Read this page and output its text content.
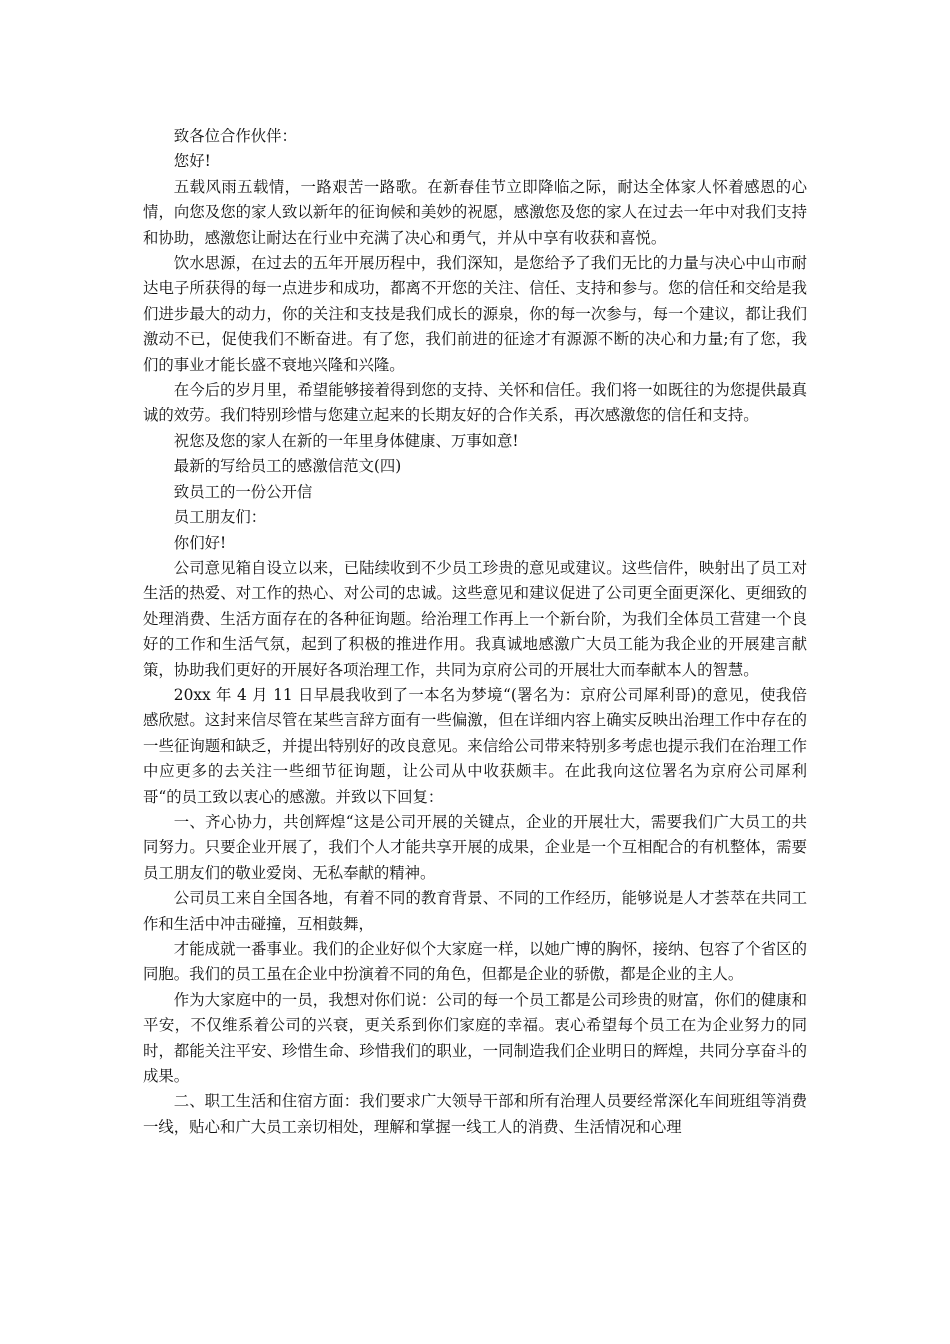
致各位合作伙伴：

您好!

五载风雨五载情，一路艰苦一路歌。在新春佳节立即降临之际，耐达全体家人怀着感恩的心情，向您及您的家人致以新年的征询候和美妙的祝愿，感激您及您的家人在过去一年中对我们支持和协助，感激您让耐达在行业中充满了决心和勇气，并从中享有收获和喜悦。

饮水思源，在过去的五年开展历程中，我们深知，是您给予了我们无比的力量与决心中山市耐达电子所获得的每一点进步和成功，都离不开您的关注、信任、支持和参与。您的信任和交给是我们进步最大的动力，你的关注和支技是我们成长的源泉，你的每一次参与，每一个建议，都让我们激动不已，促使我们不断奋进。有了您，我们前进的征途才有源源不断的决心和力量;有了您，我们的事业才能长盛不衰地兴隆和兴隆。

在今后的岁月里，希望能够接着得到您的支持、关怀和信任。我们将一如既往的为您提供最真诚的效劳。我们特别珍惜与您建立起来的长期友好的合作关系，再次感激您的信任和支持。

祝您及您的家人在新的一年里身体健康、万事如意!

最新的写给员工的感激信范文(四)

致员工的一份公开信

员工朋友们：

你们好!

公司意见箱自设立以来，已陆续收到不少员工珍贵的意见或建议。这些信件，映射出了员工对生活的热爱、对工作的热心、对公司的忠诚。这些意见和建议促进了公司更全面更深化、更细致的处理消费、生活方面存在的各种征询题。给治理工作再上一个新台阶，为我们全体员工营建一个良好的工作和生活气氛，起到了积极的推进作用。我真诚地感激广大员工能为我企业的开展建言献策，协助我们更好的开展好各项治理工作，共同为京府公司的开展壮大而奉献本人的智慧。

20xx 年 4 月 11 日早晨我收到了一本名为梦境“(署名为：京府公司犀利哥)的意见，使我倍感欣慰。这封来信尽管在某些言辞方面有一些偏激，但在详细内容上确实反映出治理工作中存在的一些征询题和缺乏，并提出特别好的改良意见。来信给公司带来特别多考虑也提示我们在治理工作中应更多的去关注一些细节征询题，让公司从中收获颇丰。在此我向这位署名为京府公司犀利哥“的员工致以衷心的感激。并致以下回复：

一、齐心协力，共创辉煌“这是公司开展的关键点，企业的开展壮大，需要我们广大员工的共同努力。只要企业开展了，我们个人才能共享开展的成果，企业是一个互相配合的有机整体，需要员工朋友们的敬业爱岗、无私奉献的精神。

公司员工来自全国各地，有着不同的教育背景、不同的工作经历，能够说是人才荟萃在共同工作和生活中冲击碰撞，互相鼓舞，

才能成就一番事业。我们的企业好似个大家庭一样，以她广博的胸怀，接纳、包容了个省区的同胞。我们的员工虽在企业中扮演着不同的角色，但都是企业的骄傲，都是企业的主人。

作为大家庭中的一员，我想对你们说：公司的每一个员工都是公司珍贵的财富，你们的健康和平安，不仅维系着公司的兴衰，更关系到你们家庭的幸福。衷心希望每个员工在为企业努力的同时，都能关注平安、珍惜生命、珍惜我们的职业，一同制造我们企业明日的辉煌，共同分享奋斗的成果。

二、职工生活和住宿方面：我们要求广大领导干部和所有治理人员要经常深化车间班组等消费一线，贴心和广大员工亲切相处，理解和掌握一线工人的消费、生活情况和心理
